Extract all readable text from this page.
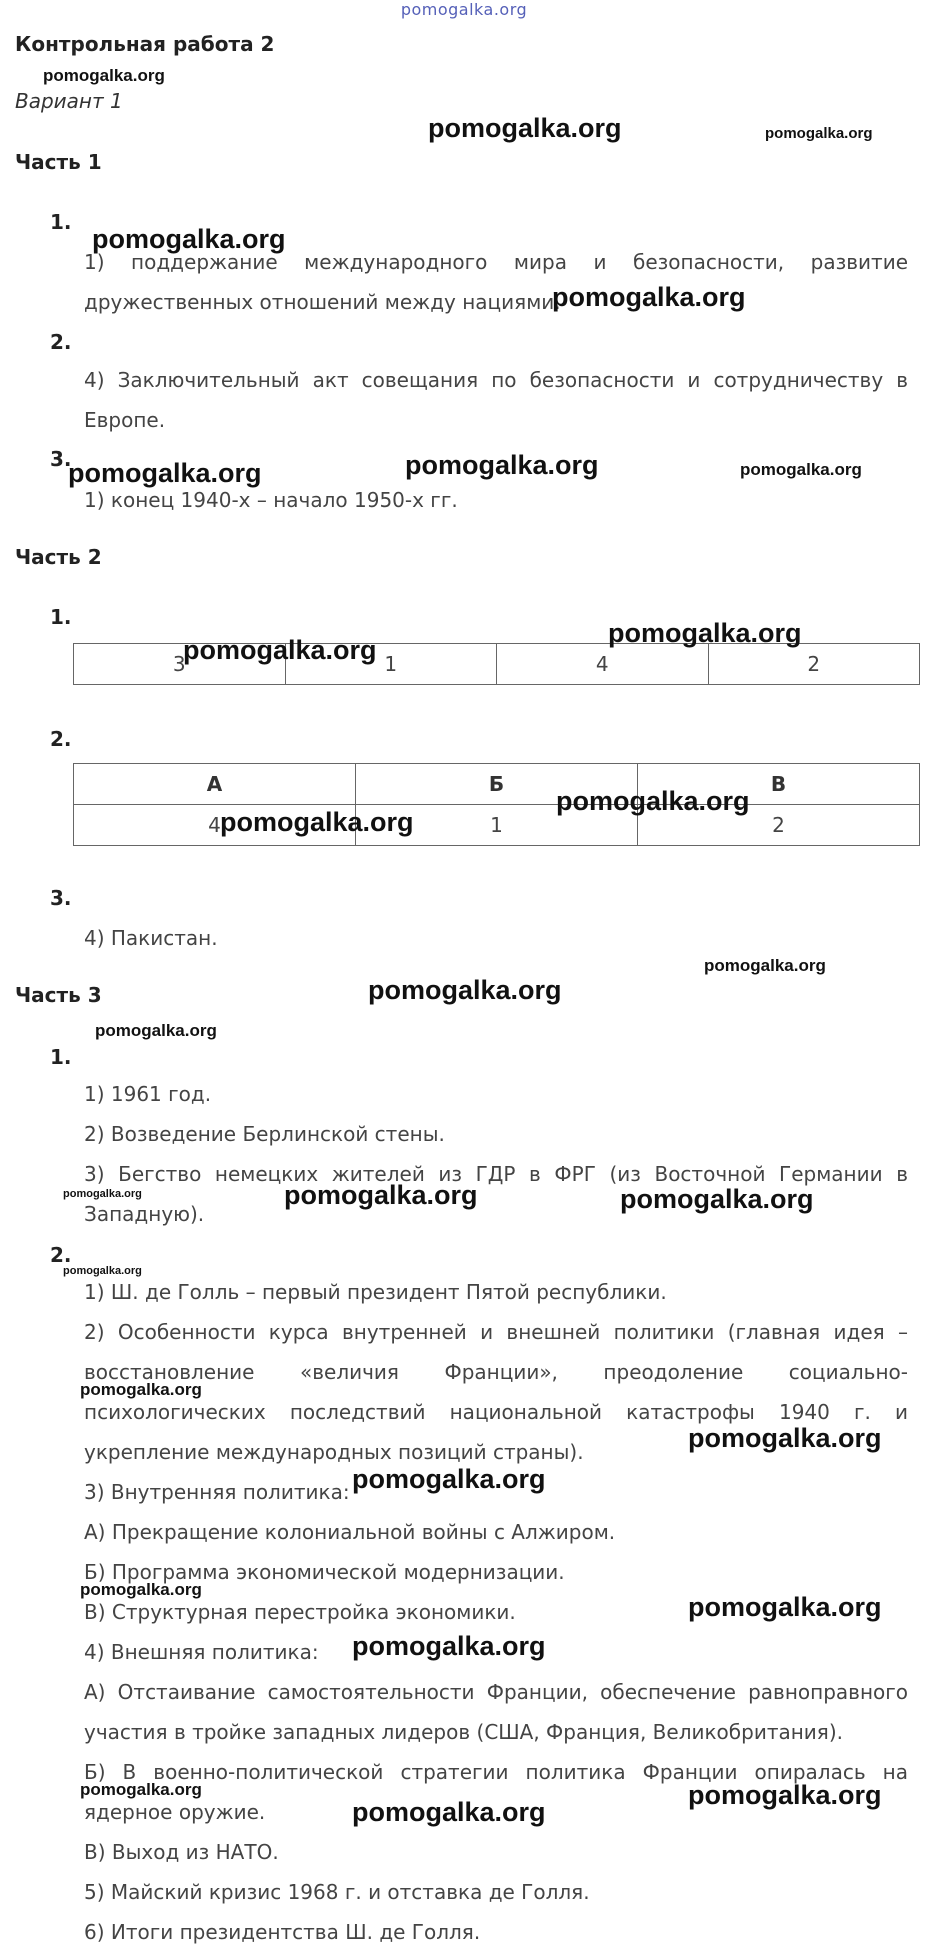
pomogalka.org
Контрольная работа 2
Вариант 1
Часть 1
1.
1) поддержание международного мира и безопасности, развитие дружественных отношений между нациями.
2.
4) Заключительный акт совещания по безопасности и сотрудничеству в Европе.
3.
1) конец 1940-х – начало 1950-х гг.
Часть 2
1.
3	1	4	2
2.
А	Б	В
4	1	2
3.
4) Пакистан.
Часть 3
1.
1) 1961 год.
2) Возведение Берлинской стены.
3) Бегство немецких жителей из ГДР в ФРГ (из Восточной Германии в Западную).
2.
1) Ш. де Голль – первый президент Пятой республики.
2) Особенности курса внутренней и внешней политики (главная идея – восстановление «величия Франции», преодоление социально-психологических последствий национальной катастрофы 1940 г. и укрепление международных позиций страны).
3) Внутренняя политика:
А) Прекращение колониальной войны с Алжиром.
Б) Программа экономической модернизации.
В) Структурная перестройка экономики.
4) Внешняя политика:
А) Отстаивание самостоятельности Франции, обеспечение равноправного участия в тройке западных лидеров (США, Франция, Великобритания).
Б) В военно-политической стратегии политика Франции опиралась на ядерное оружие.
В) Выход из НАТО.
5) Майский кризис 1968 г. и отставка де Голля.
6) Итоги президентства Ш. де Голля.
pomogalka.org
pomogalka.org	pomogalka.org
pomogalka.org
pomogalka.org
pomogalka.org	pomogalka.org	pomogalka.org
pomogalka.org
pomogalka.org
pomogalka.org
pomogalka.org
pomogalka.org
pomogalka.org
pomogalka.org
pomogalka.org	pomogalka.org	pomogalka.org
pomogalka.org
pomogalka.org
pomogalka.org
pomogalka.org
pomogalka.org
pomogalka.org
pomogalka.org
pomogalka.org	pomogalka.org
pomogalka.org
